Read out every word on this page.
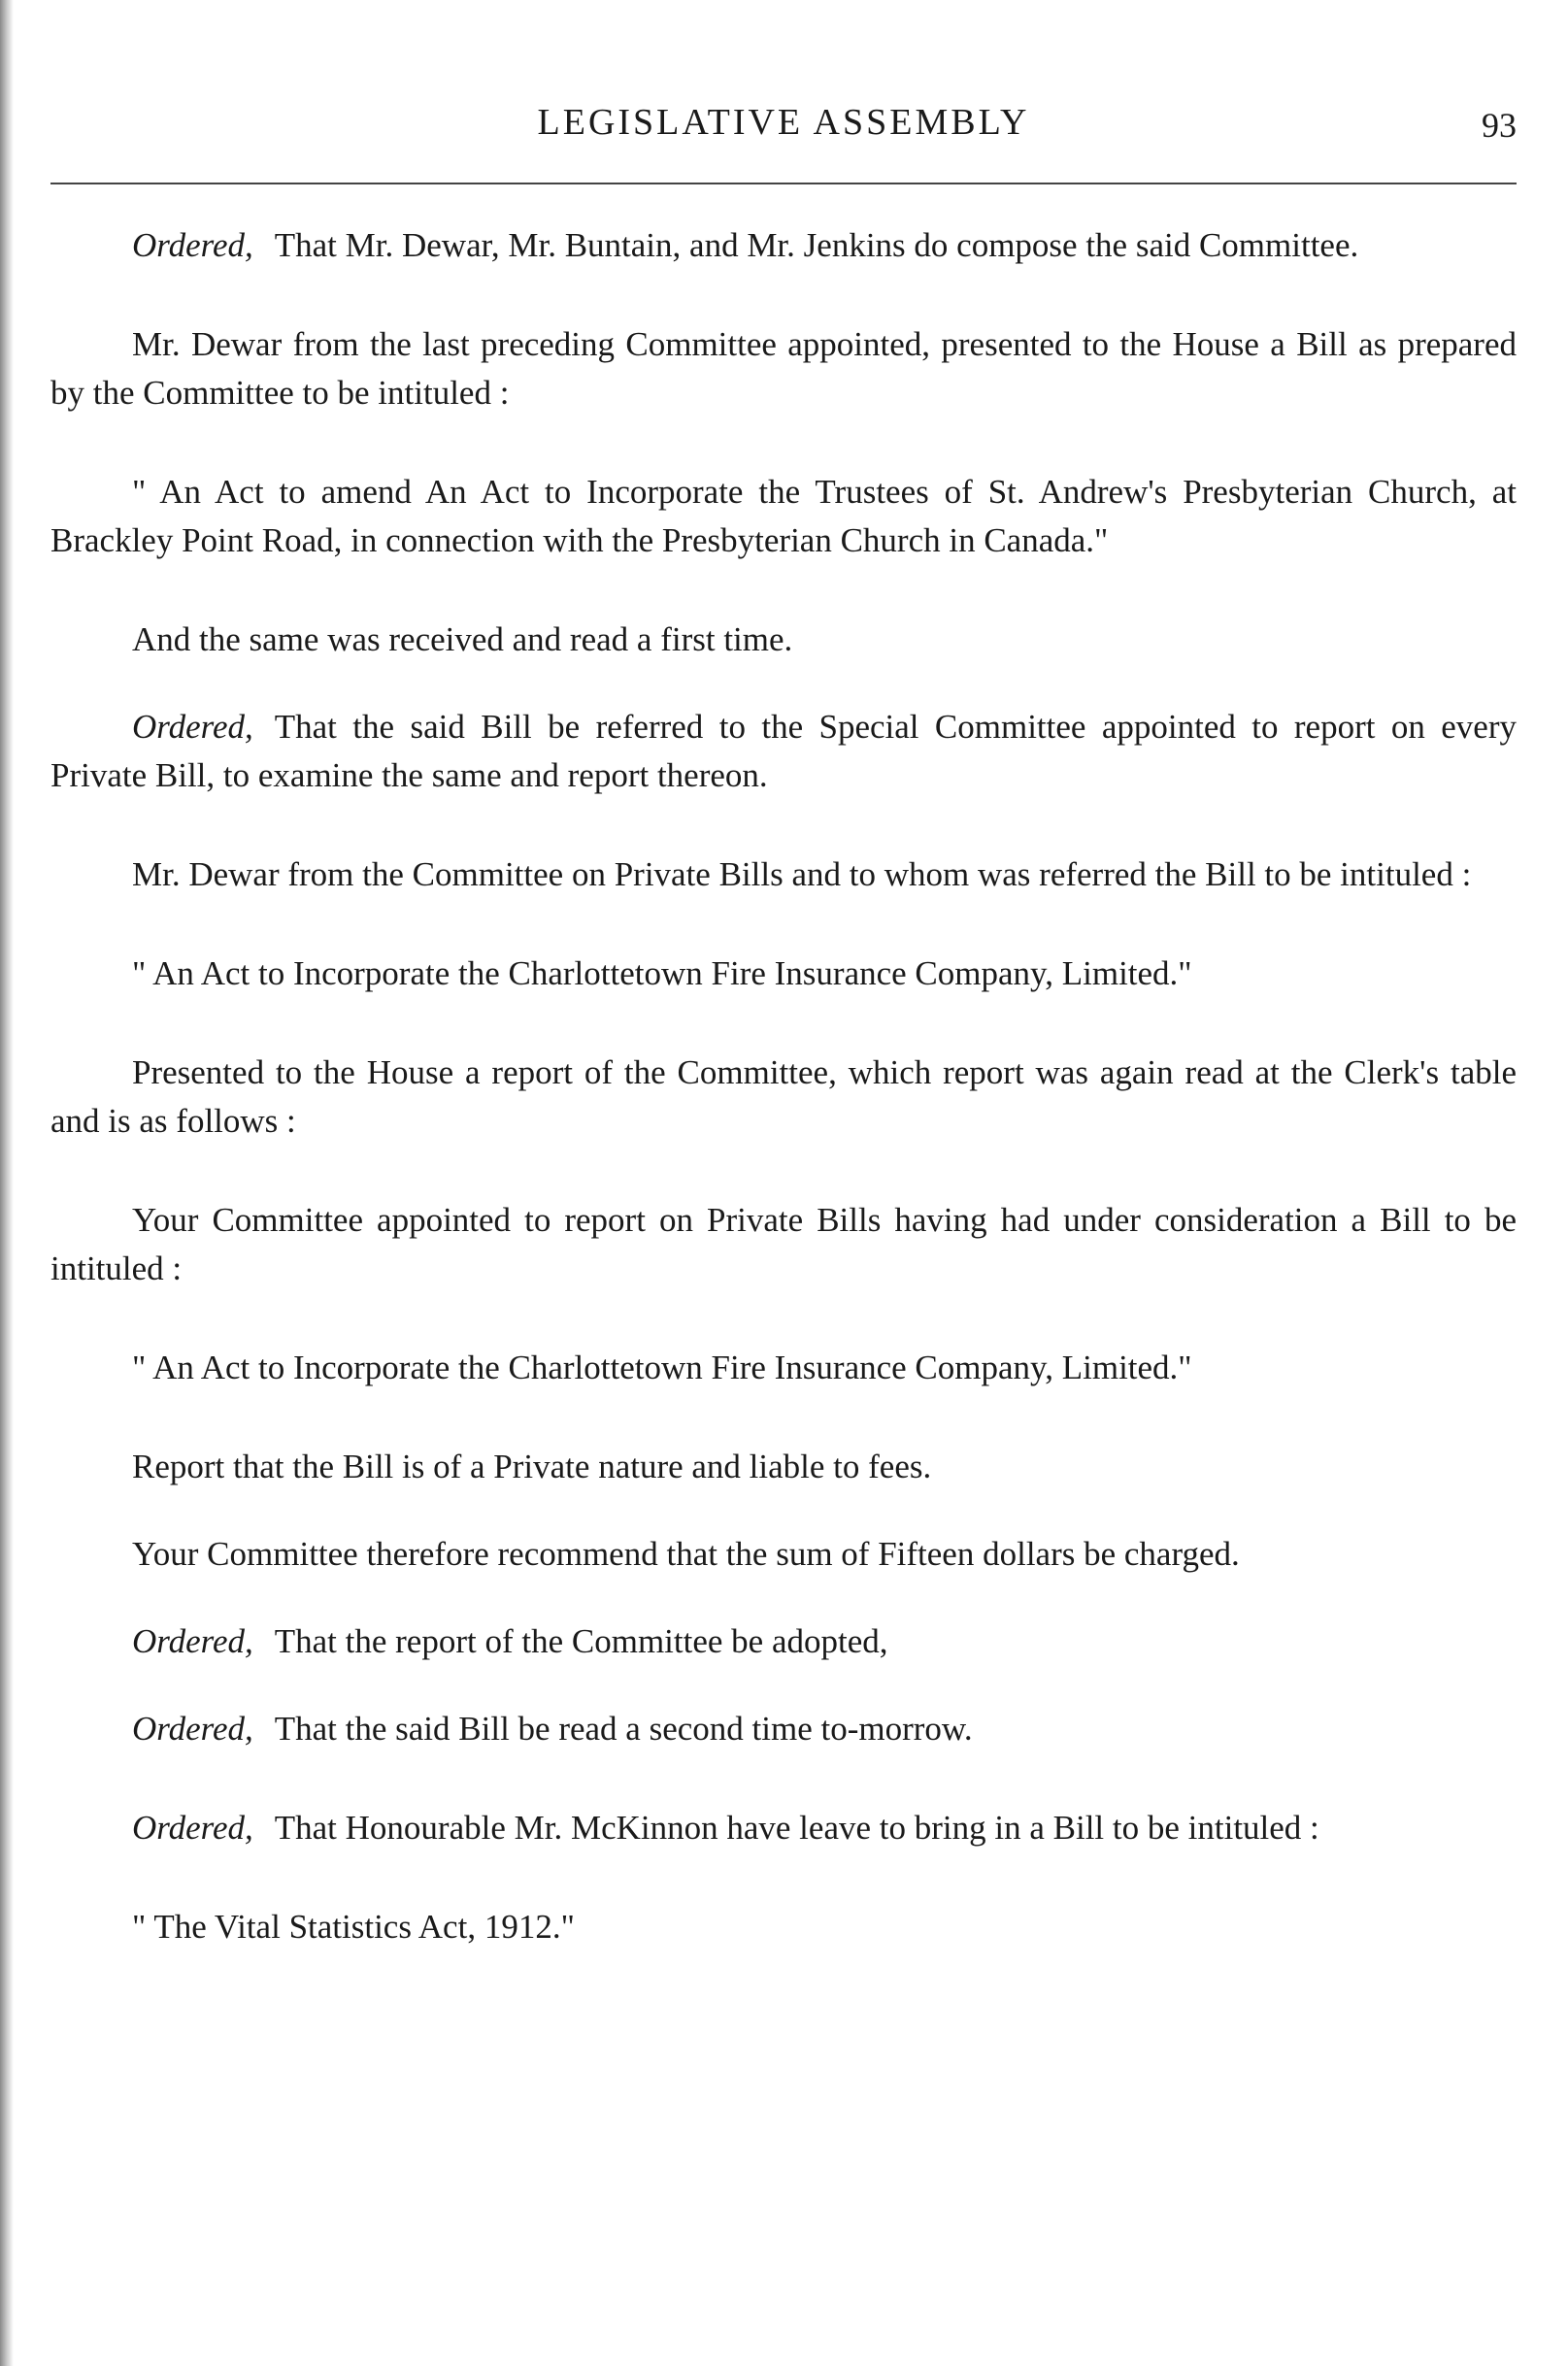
LEGISLATIVE ASSEMBLY	93

Ordered, That Mr. Dewar, Mr. Buntain, and Mr. Jenkins do compose the said Committee.

Mr. Dewar from the last preceding Committee appointed, presented to the House a Bill as prepared by the Committee to be intituled :

" An Act to amend An Act to Incorporate the Trustees of St. Andrew's Presbyterian Church, at Brackley Point Road, in connection with the Presbyterian Church in Canada."

And the same was received and read a first time.

Ordered, That the said Bill be referred to the Special Committee appointed to report on every Private Bill, to examine the same and report thereon.

Mr. Dewar from the Committee on Private Bills and to whom was referred the Bill to be intituled :

" An Act to Incorporate the Charlottetown Fire Insurance Company, Limited."

Presented to the House a report of the Committee, which report was again read at the Clerk's table and is as follows :

Your Committee appointed to report on Private Bills having had under consideration a Bill to be intituled :

" An Act to Incorporate the Charlottetown Fire Insurance Company, Limited."

Report that the Bill is of a Private nature and liable to fees.

Your Committee therefore recommend that the sum of Fifteen dollars be charged.

Ordered, That the report of the Committee be adopted,

Ordered, That the said Bill be read a second time to-morrow.

Ordered, That Honourable Mr. McKinnon have leave to bring in a Bill to be intituled :

" The Vital Statistics Act, 1912."
